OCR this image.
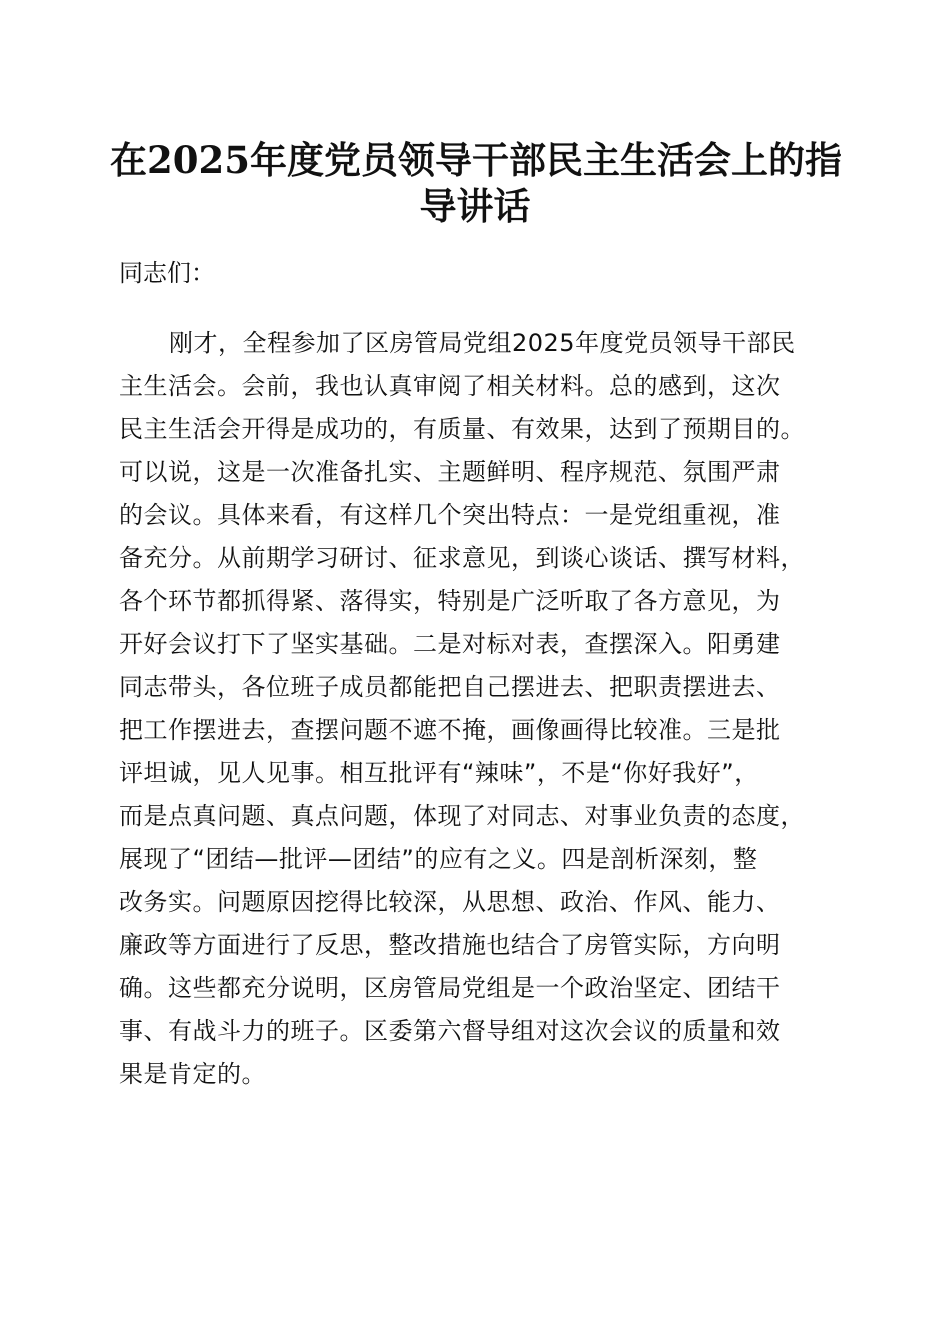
在2025年度党员领导干部民主生活会上的指
导讲话

同志们：

刚才，全程参加了区房管局党组2025年度党员领导干部民
主生活会。会前，我也认真审阅了相关材料。总的感到，这次
民主生活会开得是成功的，有质量、有效果，达到了预期目的。
可以说，这是一次准备扎实、主题鲜明、程序规范、氛围严肃
的会议。具体来看，有这样几个突出特点：一是党组重视，准
备充分。从前期学习研讨、征求意见，到谈心谈话、撰写材料，
各个环节都抓得紧、落得实，特别是广泛听取了各方意见，为
开好会议打下了坚实基础。二是对标对表，查摆深入。阳勇建
同志带头，各位班子成员都能把自己摆进去、把职责摆进去、
把工作摆进去，查摆问题不遮不掩，画像画得比较准。三是批
评坦诚，见人见事。相互批评有“辣味”，不是“你好我好”，
而是点真问题、真点问题，体现了对同志、对事业负责的态度，
展现了“团结—批评—团结”的应有之义。四是剖析深刻，整
改务实。问题原因挖得比较深，从思想、政治、作风、能力、
廉政等方面进行了反思，整改措施也结合了房管实际，方向明
确。这些都充分说明，区房管局党组是一个政治坚定、团结干
事、有战斗力的班子。区委第六督导组对这次会议的质量和效
果是肯定的。
